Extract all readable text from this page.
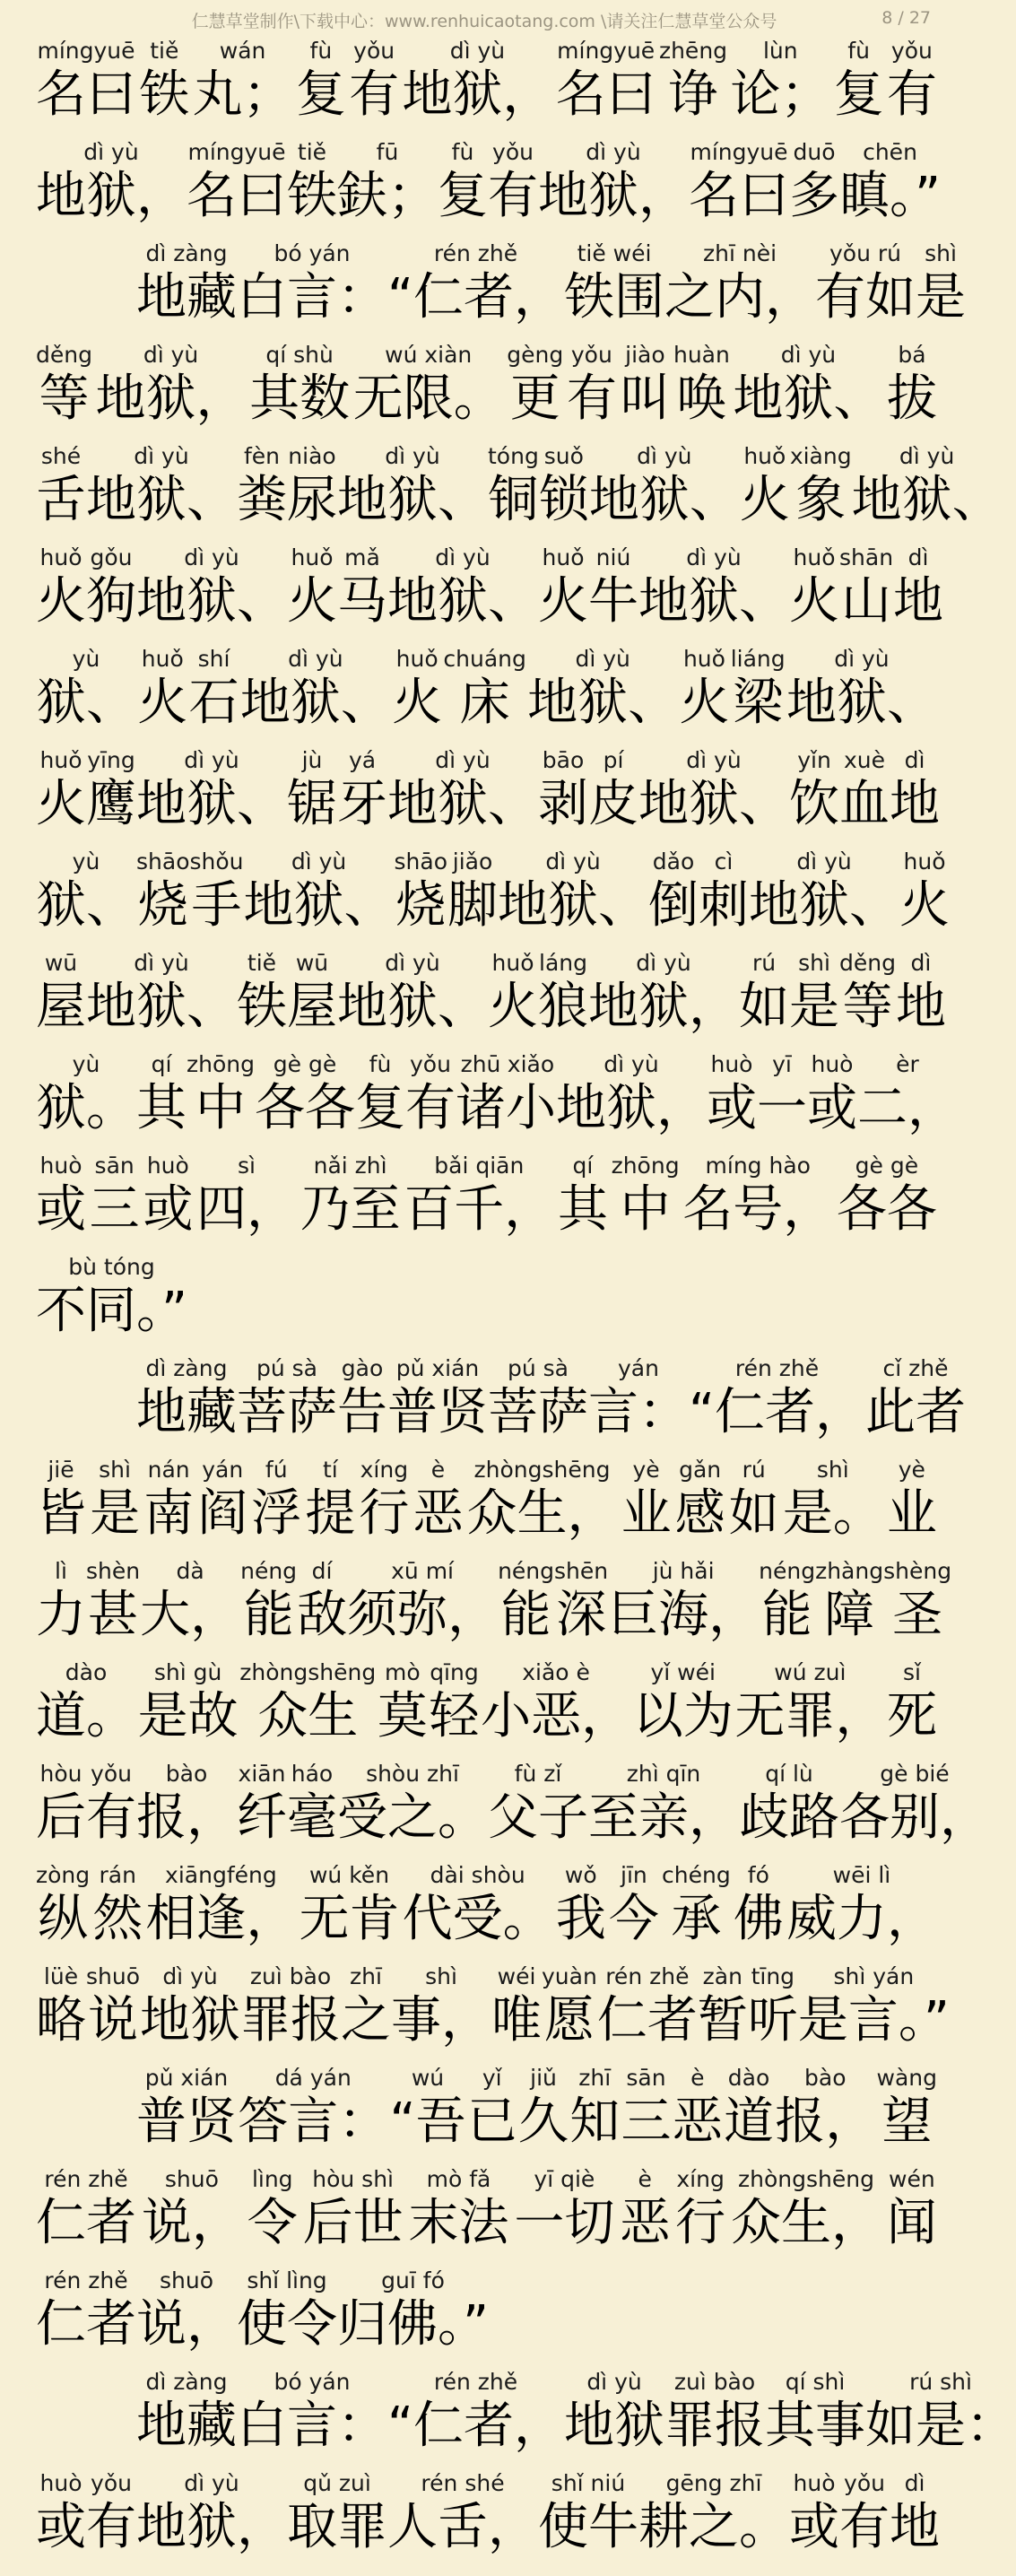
仁慧草堂制作\下载中心：www.renhuicaotang.com \请关注仁慧草堂公众号	8 / 27
míngyuē
名曰
tiě
铁
wán
丸；
fù
复
yǒu
有
dì yù
地狱，
míngyuē
名曰
zhēng
诤
lùn
论；
fù
复
yǒu
有
dì yù
地狱，
míngyuē
名曰
tiě
铁
fū
鈇；
fù
复
yǒu
有
dì yù
地狱，
míngyuē
名曰
duō
多
chēn
瞋。”
dì zàng
地藏
bó yán
白言：
rén zhě
“仁者，
tiě wéi
铁围
zhī nèi
之内，
yǒu rú
有如
shì
是
děng
等
dì yù
地狱，
qí shù
其数
wú xiàn
无限。
gèng
更
yǒu
有
jiào
叫
huàn
唤
dì yù
地狱、
bá
拔
shé
舌
dì yù
地狱、
fèn
粪
niào
尿
dì yù
地狱、
tóng
铜
suǒ
锁
dì yù
地狱、
huǒ
火
xiàng
象
dì yù
地狱、
huǒ
火
gǒu
狗
dì yù
地狱、
huǒ
火
mǎ
马
dì yù
地狱、
huǒ
火
niú
牛
dì yù
地狱、
huǒ
火
shān
山
dì
地
yù
狱、
huǒ
火
shí
石
dì yù
地狱、
huǒ
火
chuáng
床
dì yù
地狱、
huǒ
火
liáng
梁
dì yù
地狱、
huǒ
火
yīng
鹰
dì yù
地狱、
jù
锯
yá
牙
dì yù
地狱、
bāo
剥
pí
皮
dì yù
地狱、
yǐn
饮
xuè
血
dì
地
yù
狱、
shāo
烧
shǒu
手
dì yù
地狱、
shāo
烧
jiǎo
脚
dì yù
地狱、
dǎo
倒
cì
刺
dì yù
地狱、
huǒ
火
wū
屋
dì yù
地狱、
tiě
铁
wū
屋
dì yù
地狱、
huǒ
火
láng
狼
dì yù
地狱，
rú
如
shì
是
děng
等
dì
地
yù
狱。
qí
其
zhōng
中
gè gè
各各
fù
复
yǒu
有
zhū
诸
xiǎo
小
dì yù
地狱，
huò
或
yī
一
huò
或
èr
二，
huò
或
sān
三
huò
或
sì
四，
nǎi zhì
乃至
bǎi qiān
百千，
qí
其
zhōng
中
míng hào
名号，
gè gè
各各
bù tóng
不同。”
dì zàng
地藏
pú sà
菩萨
gào
告
pǔ xián
普贤
pú sà
菩萨
yán
言：
rén zhě
“仁者，
cǐ zhě
此者
jiē
皆
shì
是
nán
南
yán
阎
fú
浮
tí
提
xíng
行
è
恶
zhòngshēng
众生，
yè
业
gǎn
感
rú
如
shì
是。
yè
业
lì
力
shèn
甚
dà
大，
néng
能
dí
敌
xū mí
须弥，
néng
能
shēn
深
jù hǎi
巨海，
néng
能
zhàng
障
shèng
圣
dào
道。
shì gù
是故
zhòngshēng
众生
mò
莫
qīng
轻
xiǎo è
小恶，
yǐ wéi
以为
wú zuì
无罪，
sǐ
死
hòu
后
yǒu
有
bào
报，
xiān
纤
háo
毫
shòu zhī
受之。
fù zǐ
父子
zhì qīn
至亲，
qí lù
歧路
gè bié
各别，
zòng
纵
rán
然
xiāngféng
相逢，
wú kěn
无肯
dài shòu
代受。
wǒ
我
jīn
今
chéng
承
fó
佛
wēi lì
威力，
lüè
略
shuō
说
dì yù
地狱
zuì bào
罪报
zhī
之
shì
事，
wéi
唯
yuàn
愿
rén zhě
仁者
zàn
暂
tīng
听
shì yán
是言。”
pǔ xián
普贤
dá yán
答言：
wú
“吾
yǐ
已
jiǔ
久
zhī
知
sān
三
è
恶
dào
道
bào
报，
wàng
望
rén zhě
仁者
shuō
说，
lìng
令
hòu shì
后世
mò fǎ
末法
yī qiè
一切
è
恶
xíng
行
zhòngshēng
众生，
wén
闻
rén zhě
仁者
shuō
说，
shǐ lìng
使令
guī fó
归佛。”
dì zàng
地藏
bó yán
白言：
rén zhě
“仁者，
dì yù
地狱
zuì bào
罪报
qí shì
其事
rú shì
如是：
huò
或
yǒu
有
dì yù
地狱，
qǔ zuì
取罪
rén shé
人舌，
shǐ niú
使牛
gēng zhī
耕之。
huò
或
yǒu
有
dì
地
